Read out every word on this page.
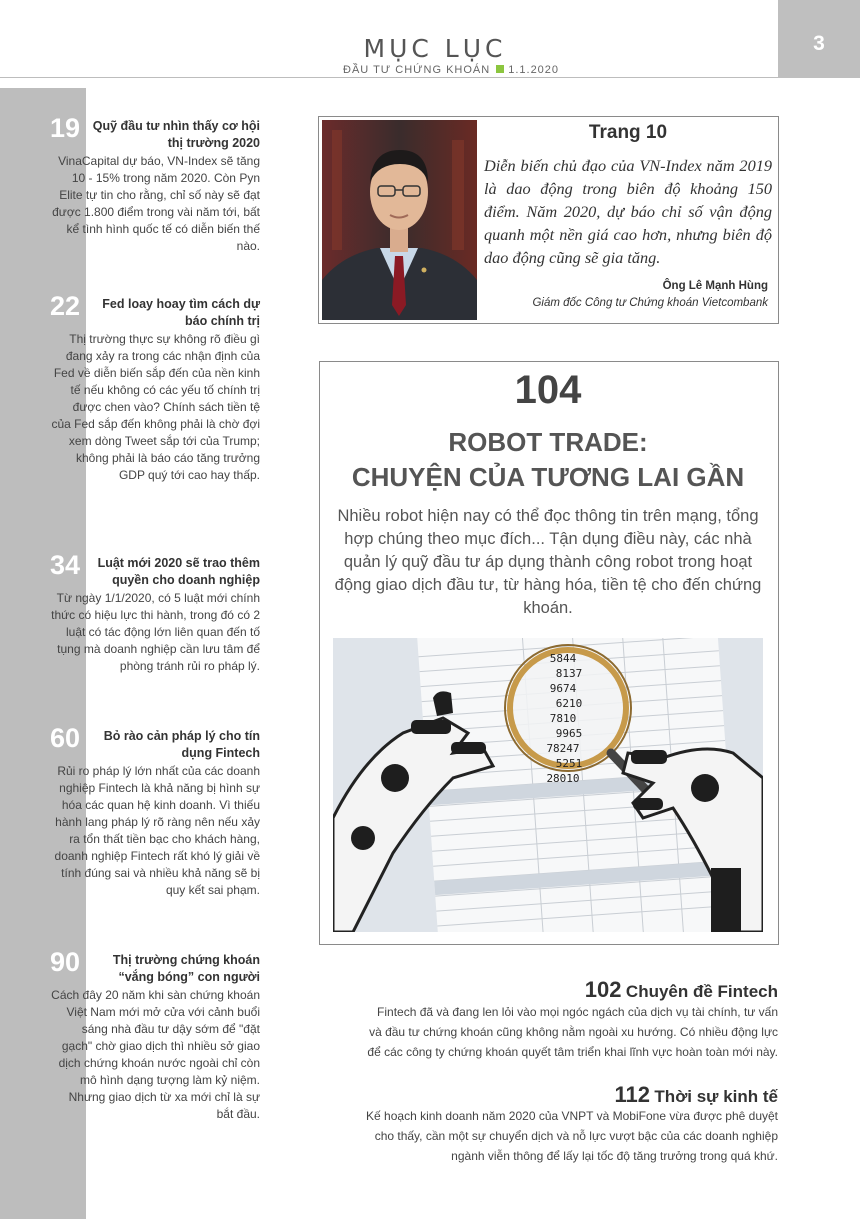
MỤC LỤC
ĐẦU TƯ CHỨNG KHOÁN 1.1.2020
3
19 Quỹ đầu tư nhìn thấy cơ hội thị trường 2020
VinaCapital dự báo, VN-Index sẽ tăng 10 - 15% trong năm 2020. Còn Pyn Elite tự tin cho rằng, chỉ số này sẽ đạt được 1.800 điểm trong vài năm tới, bất kể tình hình quốc tế có diễn biến thế nào.
22	Fed loay hoay tìm cách dự báo chính trị
Thị trường thực sự không rõ điều gì đang xảy ra trong các nhận định của Fed về diễn biến sắp đến của nền kinh tế nếu không có các yếu tố chính trị được chen vào? Chính sách tiền tệ của Fed sắp đến không phải là chờ đợi xem dòng Tweet sắp tới của Trump; không phải là báo cáo tăng trưởng GDP quý tới cao hay thấp.
34	Luật mới 2020 sẽ trao thêm quyền cho doanh nghiệp
Từ ngày 1/1/2020, có 5 luật mới chính thức có hiệu lực thi hành, trong đó có 2 luật có tác động lớn liên quan đến tố tụng mà doanh nghiệp cần lưu tâm để phòng tránh rủi ro pháp lý.
60	Bỏ rào cản pháp lý cho tín dụng Fintech
Rủi ro pháp lý lớn nhất của các doanh nghiệp Fintech là khả năng bị hình sự hóa các quan hệ kinh doanh. Vì thiếu hành lang pháp lý rõ ràng nên nếu xảy ra tổn thất tiền bạc cho khách hàng, doanh nghiệp Fintech rất khó lý giải về tính đúng sai và nhiều khả năng sẽ bị quy kết sai phạm.
90	Thị trường chứng khoán “vắng bóng” con người
Cách đây 20 năm khi sàn chứng khoán Việt Nam mới mở cửa với cảnh buổi sáng nhà đầu tư dậy sớm để "đặt gạch" chờ giao dịch thì nhiều sở giao dịch chứng khoán nước ngoài chỉ còn mô hình dạng tượng làm kỷ niệm. Nhưng giao dịch từ xa mới chỉ là sự bắt đầu.
Trang 10
Diễn biến chủ đạo của VN-Index năm 2019 là dao động trong biên độ khoảng 150 điểm. Năm 2020, dự báo chỉ số vận động quanh một nền giá cao hơn, nhưng biên độ dao động cũng sẽ gia tăng.
Ông Lê Mạnh Hùng
Giám đốc Công tư Chứng khoán Vietcombank
104
ROBOT TRADE:
CHUYỆN CỦA TƯƠNG LAI GẦN
Nhiều robot hiện nay có thể đọc thông tin trên mạng, tổng hợp chúng theo mục đích... Tận dụng điều này, các nhà quản lý quỹ đầu tư áp dụng thành công robot trong hoạt động giao dịch đầu tư, từ hàng hóa, tiền tệ cho đến chứng khoán.
5844
8137
9674
6210
7810
9965
78247
5251
28010
102 Chuyên đề Fintech
Fintech đã và đang len lỏi vào mọi ngóc ngách của dịch vụ tài chính, tư vấn
và đầu tư chứng khoán cũng không nằm ngoài xu hướng. Có nhiều động lực
để các công ty chứng khoán quyết tâm triển khai lĩnh vực hoàn toàn mới này.
112 Thời sự kinh tế
Kế hoạch kinh doanh năm 2020 của VNPT và MobiFone vừa được phê duyệt
cho thấy, cần một sự chuyển dịch và nỗ lực vượt bậc của các doanh nghiệp
ngành viễn thông để lấy lại tốc độ tăng trưởng trong quá khứ.
